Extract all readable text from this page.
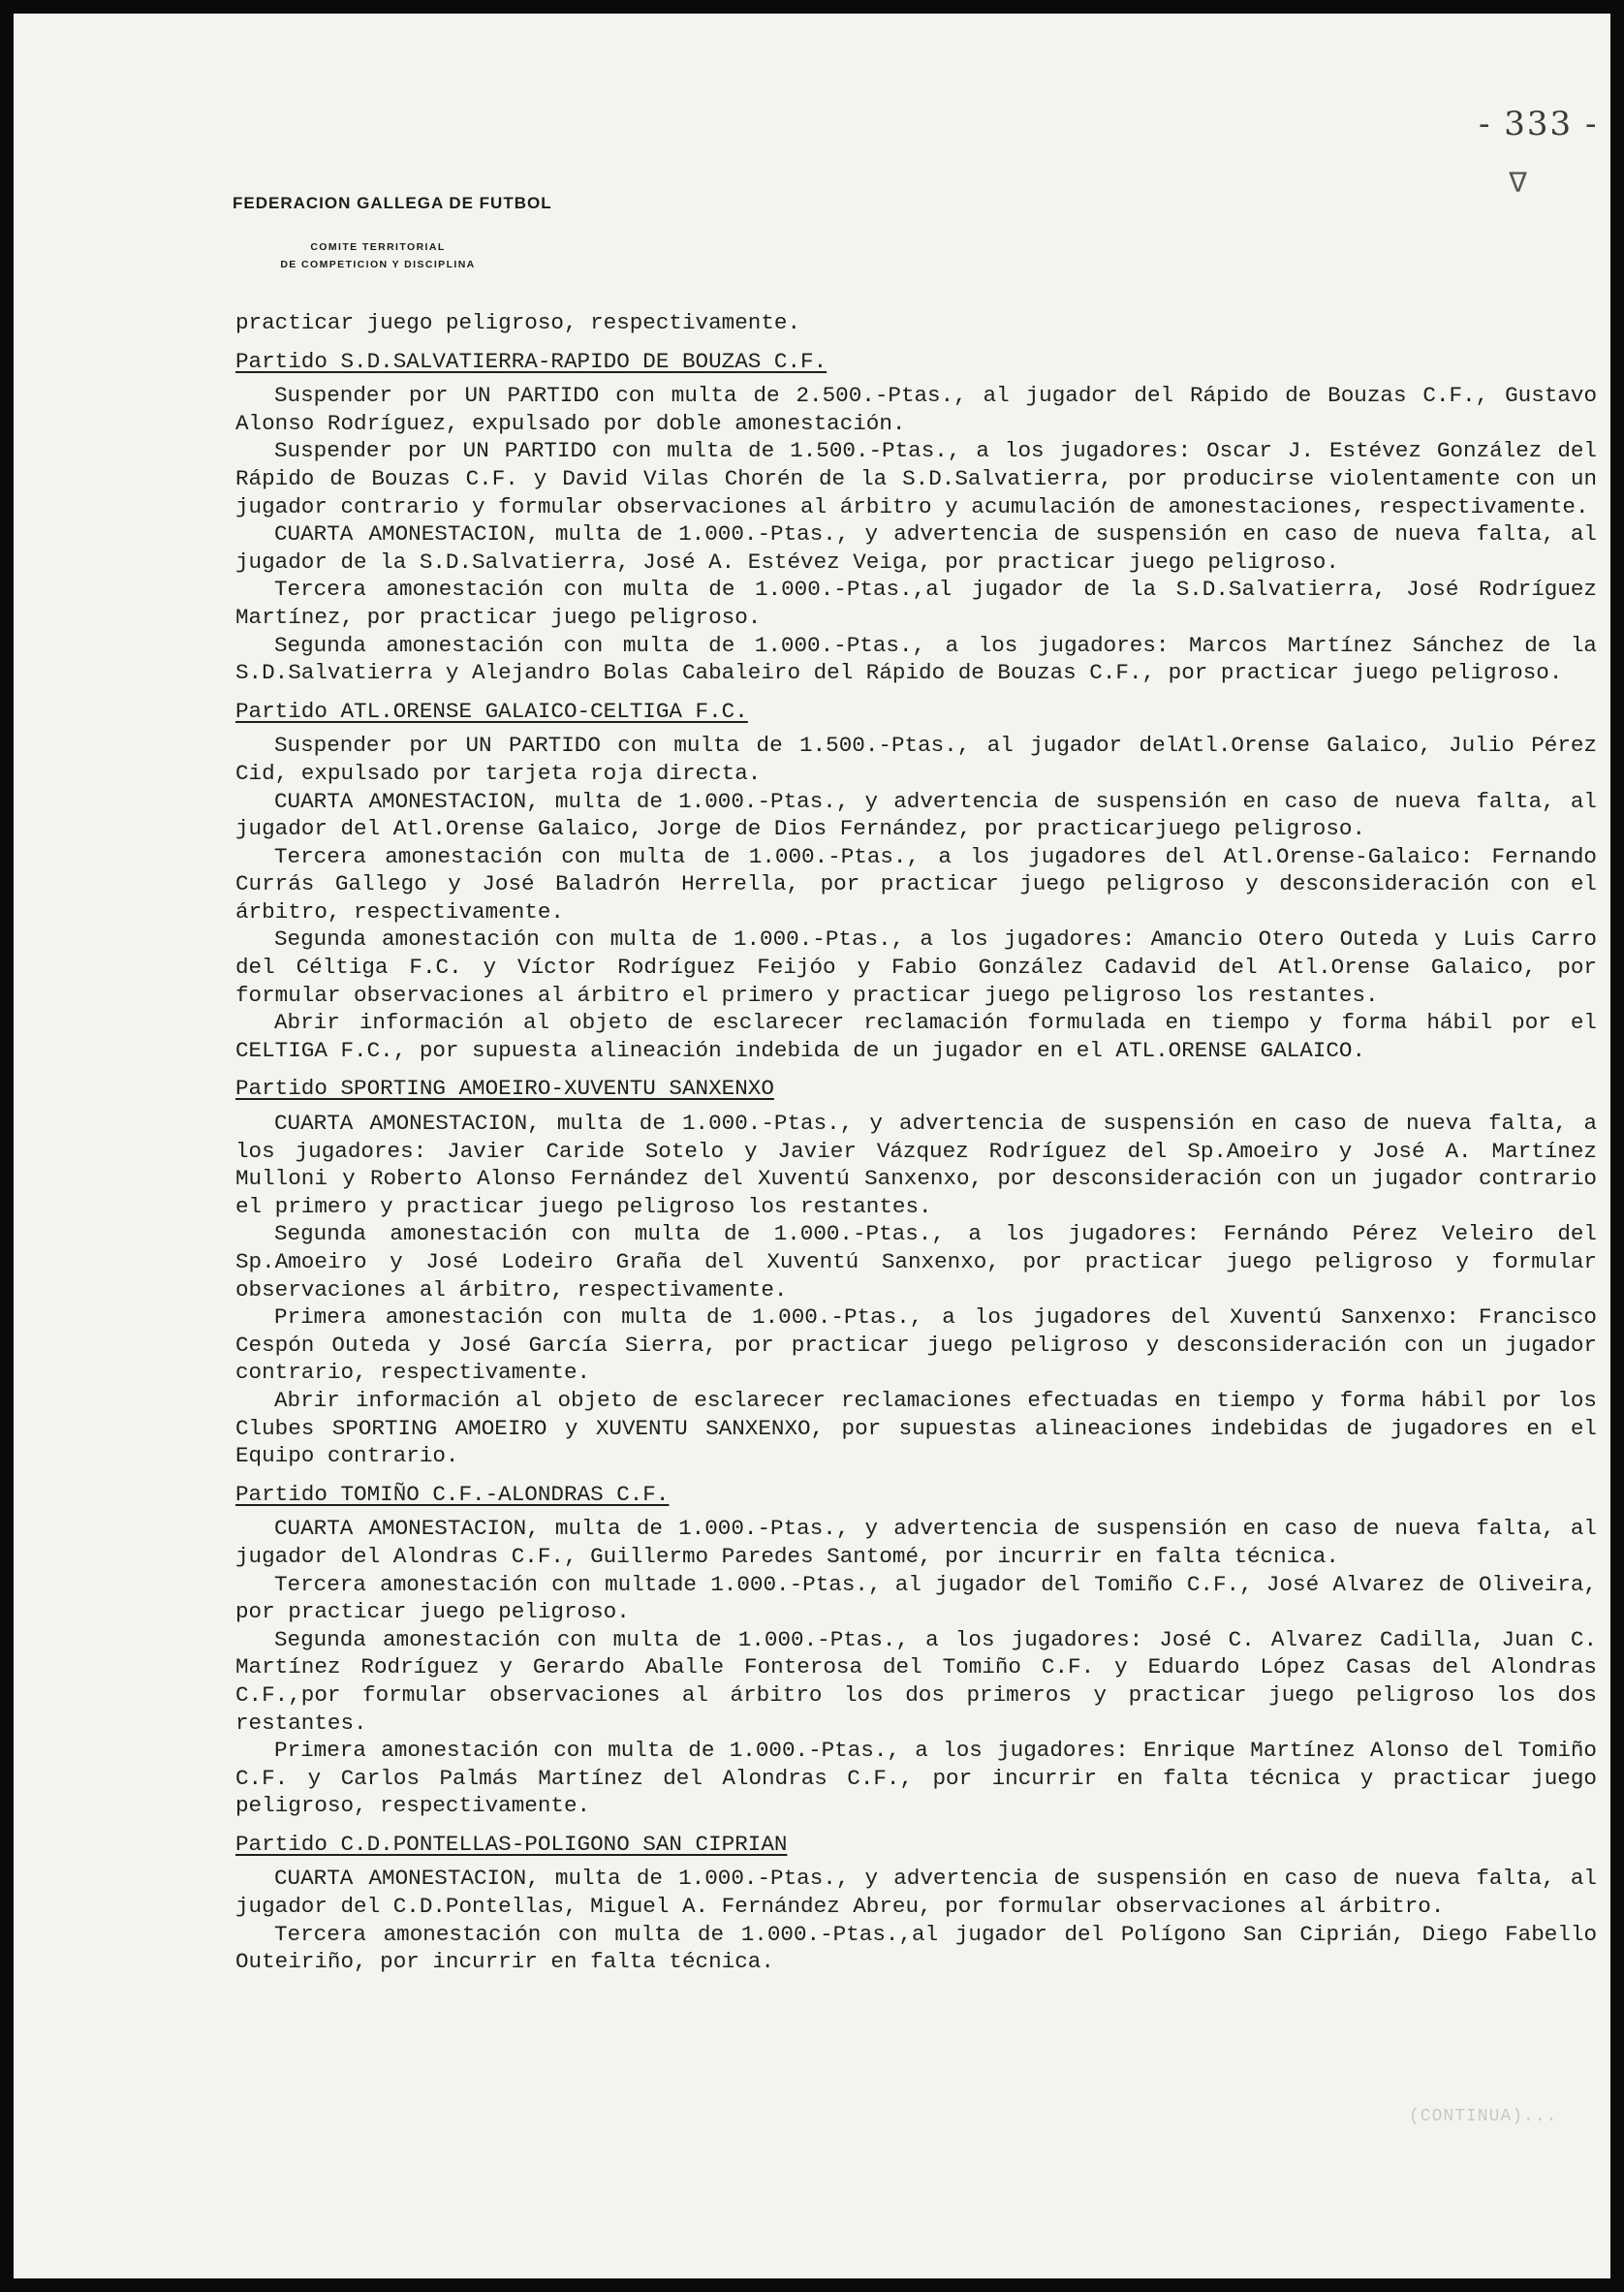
- 333 -
ᐁ
FEDERACION GALLEGA DE FUTBOL
COMITE TERRITORIAL
DE COMPETICION Y DISCIPLINA

practicar juego peligroso, respectivamente.

Partido S.D.SALVATIERRA-RAPIDO DE BOUZAS C.F.

Suspender por UN PARTIDO con multa de 2.500.-Ptas., al jugador del Rápido de Bouzas C.F., Gustavo Alonso Rodríguez, expulsado por doble amonestación.

Suspender por UN PARTIDO con multa de 1.500.-Ptas., a los jugadores: Oscar J. Estévez González del Rápido de Bouzas C.F. y David Vilas Chorén de la S.D.Salvatierra, por producirse violentamente con un jugador contrario y formular observaciones al árbitro y acumulación de amonestaciones, respectivamente.

CUARTA AMONESTACION, multa de 1.000.-Ptas., y advertencia de suspensión en caso de nueva falta, al jugador de la S.D.Salvatierra, José A. Estévez Veiga, por practicar juego peligroso.

Tercera amonestación con multa de 1.000.-Ptas.,al jugador de la S.D.Salvatierra, José Rodríguez Martínez, por practicar juego peligroso.

Segunda amonestación con multa de 1.000.-Ptas., a los jugadores: Marcos Martínez Sánchez de la S.D.Salvatierra y Alejandro Bolas Cabaleiro del Rápido de Bouzas C.F., por practicar juego peligroso.

Partido ATL.ORENSE GALAICO-CELTIGA F.C.

Suspender por UN PARTIDO con multa de 1.500.-Ptas., al jugador delAtl.Orense Galaico, Julio Pérez Cid, expulsado por tarjeta roja directa.

CUARTA AMONESTACION, multa de 1.000.-Ptas., y advertencia de suspensión en caso de nueva falta, al jugador del Atl.Orense Galaico, Jorge de Dios Fernández, por practicarjuego peligroso.

Tercera amonestación con multa de 1.000.-Ptas., a los jugadores del Atl.Orense-Galaico: Fernando Currás Gallego y José Baladrón Herrella, por practicar juego peligroso y desconsideración con el árbitro, respectivamente.

Segunda amonestación con multa de 1.000.-Ptas., a los jugadores: Amancio Otero Outeda y Luis Carro del Céltiga F.C. y Víctor Rodríguez Feijóo y Fabio González Cadavid del Atl.Orense Galaico, por formular observaciones al árbitro el primero y practicar juego peligroso los restantes.

Abrir información al objeto de esclarecer reclamación formulada en tiempo y forma hábil por el CELTIGA F.C., por supuesta alineación indebida de un jugador en el ATL.ORENSE GALAICO.

Partido SPORTING AMOEIRO-XUVENTU SANXENXO

CUARTA AMONESTACION, multa de 1.000.-Ptas., y advertencia de suspensión en caso de nueva falta, a los jugadores: Javier Caride Sotelo y Javier Vázquez Rodríguez del Sp.Amoeiro y José A. Martínez Mulloni y Roberto Alonso Fernández del Xuventú Sanxenxo, por desconsideración con un jugador contrario el primero y practicar juego peligroso los restantes.

Segunda amonestación con multa de 1.000.-Ptas., a los jugadores: Fernándo Pérez Veleiro del Sp.Amoeiro y José Lodeiro Graña del Xuventú Sanxenxo, por practicar juego peligroso y formular observaciones al árbitro, respectivamente.

Primera amonestación con multa de 1.000.-Ptas., a los jugadores del Xuventú Sanxenxo: Francisco Cespón Outeda y José García Sierra, por practicar juego peligroso y desconsideración con un jugador contrario, respectivamente.

Abrir información al objeto de esclarecer reclamaciones efectuadas en tiempo y forma hábil por los Clubes SPORTING AMOEIRO y XUVENTU SANXENXO, por supuestas alineaciones indebidas de jugadores en el Equipo contrario.

Partido TOMIÑO C.F.-ALONDRAS C.F.

CUARTA AMONESTACION, multa de 1.000.-Ptas., y advertencia de suspensión en caso de nueva falta, al jugador del Alondras C.F., Guillermo Paredes Santomé, por incurrir en falta técnica.

Tercera amonestación con multade 1.000.-Ptas., al jugador del Tomiño C.F., José Alvarez de Oliveira, por practicar juego peligroso.

Segunda amonestación con multa de 1.000.-Ptas., a los jugadores: José C. Alvarez Cadilla, Juan C. Martínez Rodríguez y Gerardo Aballe Fonterosa del Tomiño C.F. y Eduardo López Casas del Alondras C.F.,por formular observaciones al árbitro los dos primeros y practicar juego peligroso los dos restantes.

Primera amonestación con multa de 1.000.-Ptas., a los jugadores: Enrique Martínez Alonso del Tomiño C.F. y Carlos Palmás Martínez del Alondras C.F., por incurrir en falta técnica y practicar juego peligroso, respectivamente.

Partido C.D.PONTELLAS-POLIGONO SAN CIPRIAN

CUARTA AMONESTACION, multa de 1.000.-Ptas., y advertencia de suspensión en caso de nueva falta, al jugador del C.D.Pontellas, Miguel A. Fernández Abreu, por formular observaciones al árbitro.

Tercera amonestación con multa de 1.000.-Ptas.,al jugador del Polígono San Ciprián, Diego Fabello Outeiriño, por incurrir en falta técnica.

(CONTINUA)...
